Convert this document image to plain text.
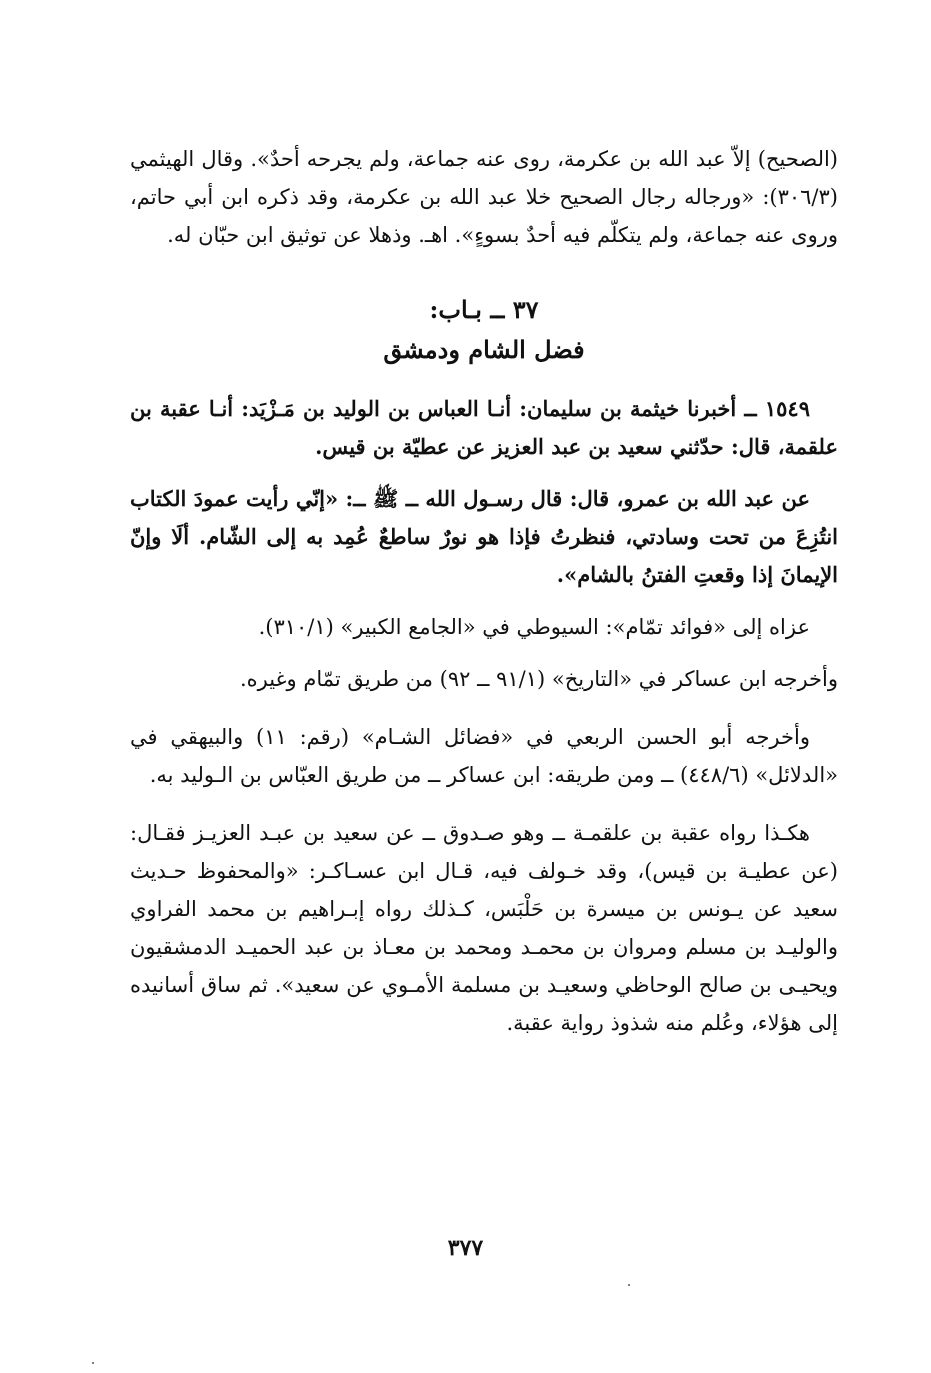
(الصحيح) إلاّ عبد الله بن عكرمة، روى عنه جماعة، ولم يجرحه أحدٌ». وقال الهيثمي (٣٠٦/٣): «ورجاله رجال الصحيح خلا عبد الله بن عكرمة، وقد ذكره ابن أبي حاتم، وروى عنه جماعة، ولم يتكلّم فيه أحدٌ بسوءٍ». اهـ. وذهلا عن توثيق ابن حبّان له.

٣٧ ــ بـاب:

فضل الشام ودمشق

١٥٤٩ ــ أخبرنا خيثمة بن سليمان: أنـا العباس بن الوليد بن مَـزْيَد: أنـا عقبة بن علقمة، قال: حدّثني سعيد بن عبد العزيز عن عطيّة بن قيس.

عن عبد الله بن عمرو، قال: قال رسـول الله ــ ﷺ ــ: «إنّي رأيت عمودَ الكتاب انتُزِعَ من تحت وسادتي، فنظرتُ فإذا هو نورٌ ساطعٌ عُمِد به إلى الشّام. ألَا وإنّ الإيمانَ إذا وقعتِ الفتنُ بالشام».

عزاه إلى «فوائد تمّام»: السيوطي في «الجامع الكبير» (٣١٠/١).

وأخرجه ابن عساكر في «التاريخ» (٩١/١ ــ ٩٢) من طريق تمّام وغيره.

وأخرجه أبو الحسن الربعي في «فضائل الشـام» (رقم: ١١) والبيهقي في «الدلائل» (٤٤٨/٦) ــ ومن طريقه: ابن عساكر ــ من طريق العبّاس بن الـوليد به.

هكـذا رواه عقبة بن علقمـة ــ وهو صـدوق ــ عن سعيد بن عبـد العزيـز فقـال: (عن عطيـة بن قيس)، وقد خـولف فيه، قـال ابن عسـاكـر: «والمحفوظ حـديث سعيد عن يـونس بن ميسرة بن حَلْبَس، كـذلك رواه إبـراهيم بن محمد الفراوي والوليـد بن مسلم ومروان بن محمـد ومحمد بن معـاذ بن عبد الحميـد الدمشقيون ويحيـى بن صالح الوحاظي وسعيـد بن مسلمة الأمـوي عن سعيد». ثم ساق أسانيده إلى هؤلاء، وعُلم منه شذوذ رواية عقبة.

٣٧٧
